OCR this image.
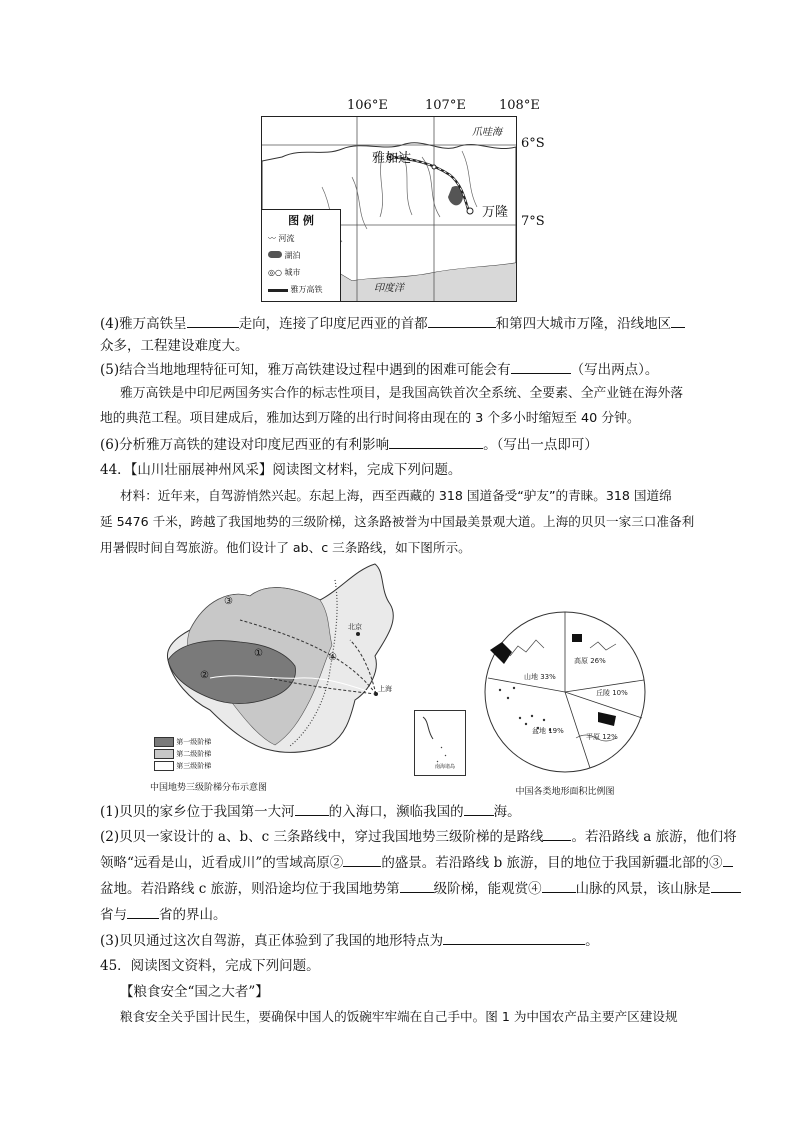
106°E	107°E	108°E
6°S
7°S
雅加达
万隆
爪哇海
印度洋
图 例
〰 河流
湖泊
◎○ 城市
雅万高铁
(4)雅万高铁呈	走向，连接了印度尼西亚的首都	和第四大城市万隆，沿线地区
众多，工程建设难度大。
(5)结合当地地理特征可知，雅万高铁建设过程中遇到的困难可能会有	（写出两点）。
雅万高铁是中印尼两国务实合作的标志性项目，是我国高铁首次全系统、全要素、全产业链在海外落
地的典范工程。项目建成后，雅加达到万隆的出行时间将由现在的 3 个多小时缩短至 40 分钟。
(6)分析雅万高铁的建设对印度尼西亚的有利影响	。（写出一点即可）
44．【山川壮丽展神州风采】阅读图文材料，完成下列问题。
材料：近年来，自驾游悄然兴起。东起上海，西至西藏的 318 国道备受“驴友”的青睐。318 国道绵
延 5476 千米，跨越了我国地势的三级阶梯，这条路被誉为中国最美景观大道。上海的贝贝一家三口准备利
用暑假时间自驾旅游。他们设计了 ab、c 三条路线，如下图所示。
北京
上海
①
②
③
④
第一级阶梯
第二级阶梯
第三级阶梯	南海诸岛
中国地势三级阶梯分布示意图
山地 33%
高原 26%
丘陵 10%
平原 12%
盆地 19%
中国各类地形面积比例图
(1)贝贝的家乡位于我国第一大河	的入海口，濒临我国的 海。
(2)贝贝一家设计的 a、b、c 三条路线中，穿过我国地势三级阶梯的是路线 。若沿路线 a 旅游，他们将
领略“远看是山，近看成川”的雪域高原②	的盛景。若沿路线 b 旅游，目的地位于我国新疆北部的③
盆地。若沿路线 c 旅游，则沿途均位于我国地势第	级阶梯，能观赏④	山脉的风景，该山脉是
省与 省的界山。
(3)贝贝通过这次自驾游，真正体验到了我国的地形特点为	。
45．阅读图文资料，完成下列问题。
【粮食安全“国之大者”】
粮食安全关乎国计民生，要确保中国人的饭碗牢牢端在自己手中。图 1 为中国农产品主要产区建设规
